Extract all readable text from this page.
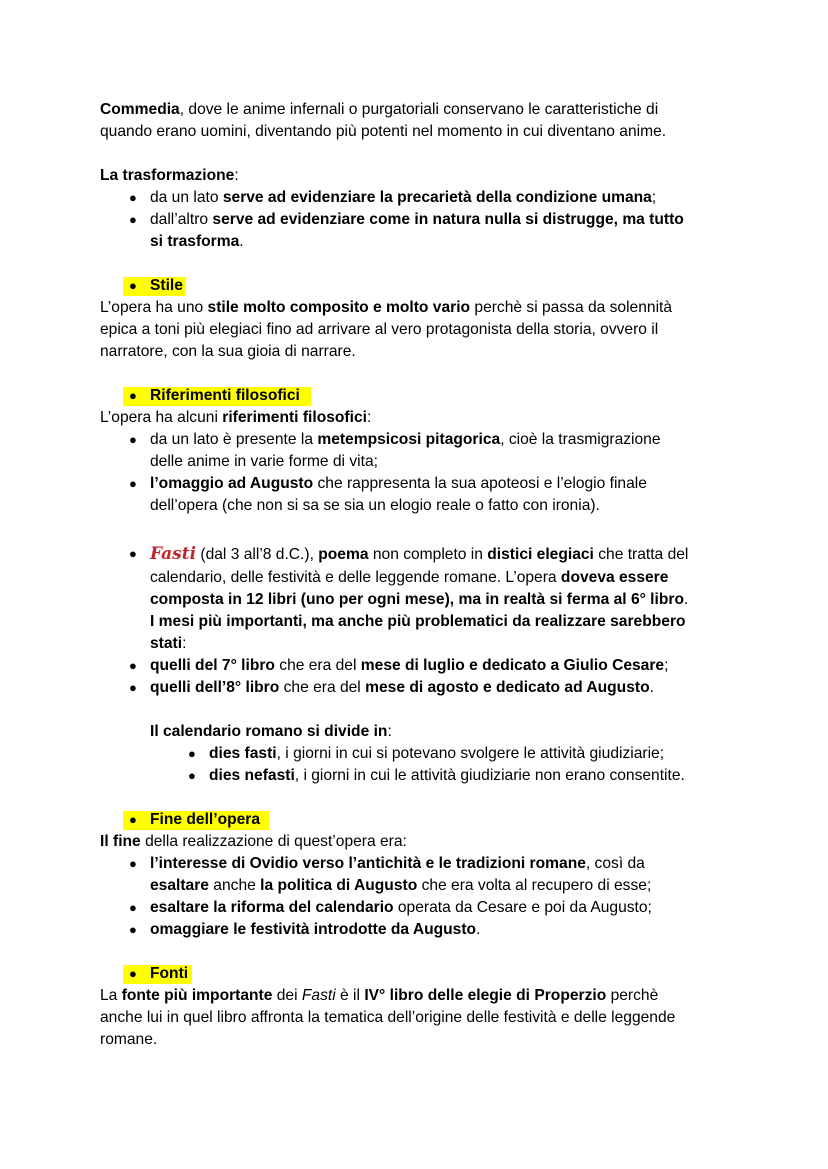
Commedia, dove le anime infernali o purgatoriali conservano le caratteristiche di
quando erano uomini, diventando più potenti nel momento in cui diventano anime.
La trasformazione:
● da un lato serve ad evidenziare la precarietà della condizione umana;
● dall’altro serve ad evidenziare come in natura nulla si distrugge, ma tutto
si trasforma.
● Stile
L’opera ha uno stile molto composito e molto vario perchè si passa da solennità
epica a toni più elegiaci fino ad arrivare al vero protagonista della storia, ovvero il
narratore, con la sua gioia di narrare.
● Riferimenti filosofici
L’opera ha alcuni riferimenti filosofici:
● da un lato è presente la metempsicosi pitagorica, cioè la trasmigrazione
delle anime in varie forme di vita;
● l’omaggio ad Augusto che rappresenta la sua apoteosi e l’elogio finale
dell’opera (che non si sa se sia un elogio reale o fatto con ironia).
● Fasti (dal 3 all’8 d.C.), poema non completo in distici elegiaci che tratta del
calendario, delle festività e delle leggende romane. L’opera doveva essere
composta in 12 libri (uno per ogni mese), ma in realtà si ferma al 6° libro.
I mesi più importanti, ma anche più problematici da realizzare sarebbero
stati:
● quelli del 7° libro che era del mese di luglio e dedicato a Giulio Cesare;
● quelli dell’8° libro che era del mese di agosto e dedicato ad Augusto.
Il calendario romano si divide in:
● dies fasti, i giorni in cui si potevano svolgere le attività giudiziarie;
● dies nefasti, i giorni in cui le attività giudiziarie non erano consentite.
● Fine dell’opera
Il fine della realizzazione di quest’opera era:
● l’interesse di Ovidio verso l’antichità e le tradizioni romane, così da
esaltare anche la politica di Augusto che era volta al recupero di esse;
● esaltare la riforma del calendario operata da Cesare e poi da Augusto;
● omaggiare le festività introdotte da Augusto.
● Fonti
La fonte più importante dei Fasti è il IV° libro delle elegie di Properzio perchè
anche lui in quel libro affronta la tematica dell’origine delle festività e delle leggende
romane.
